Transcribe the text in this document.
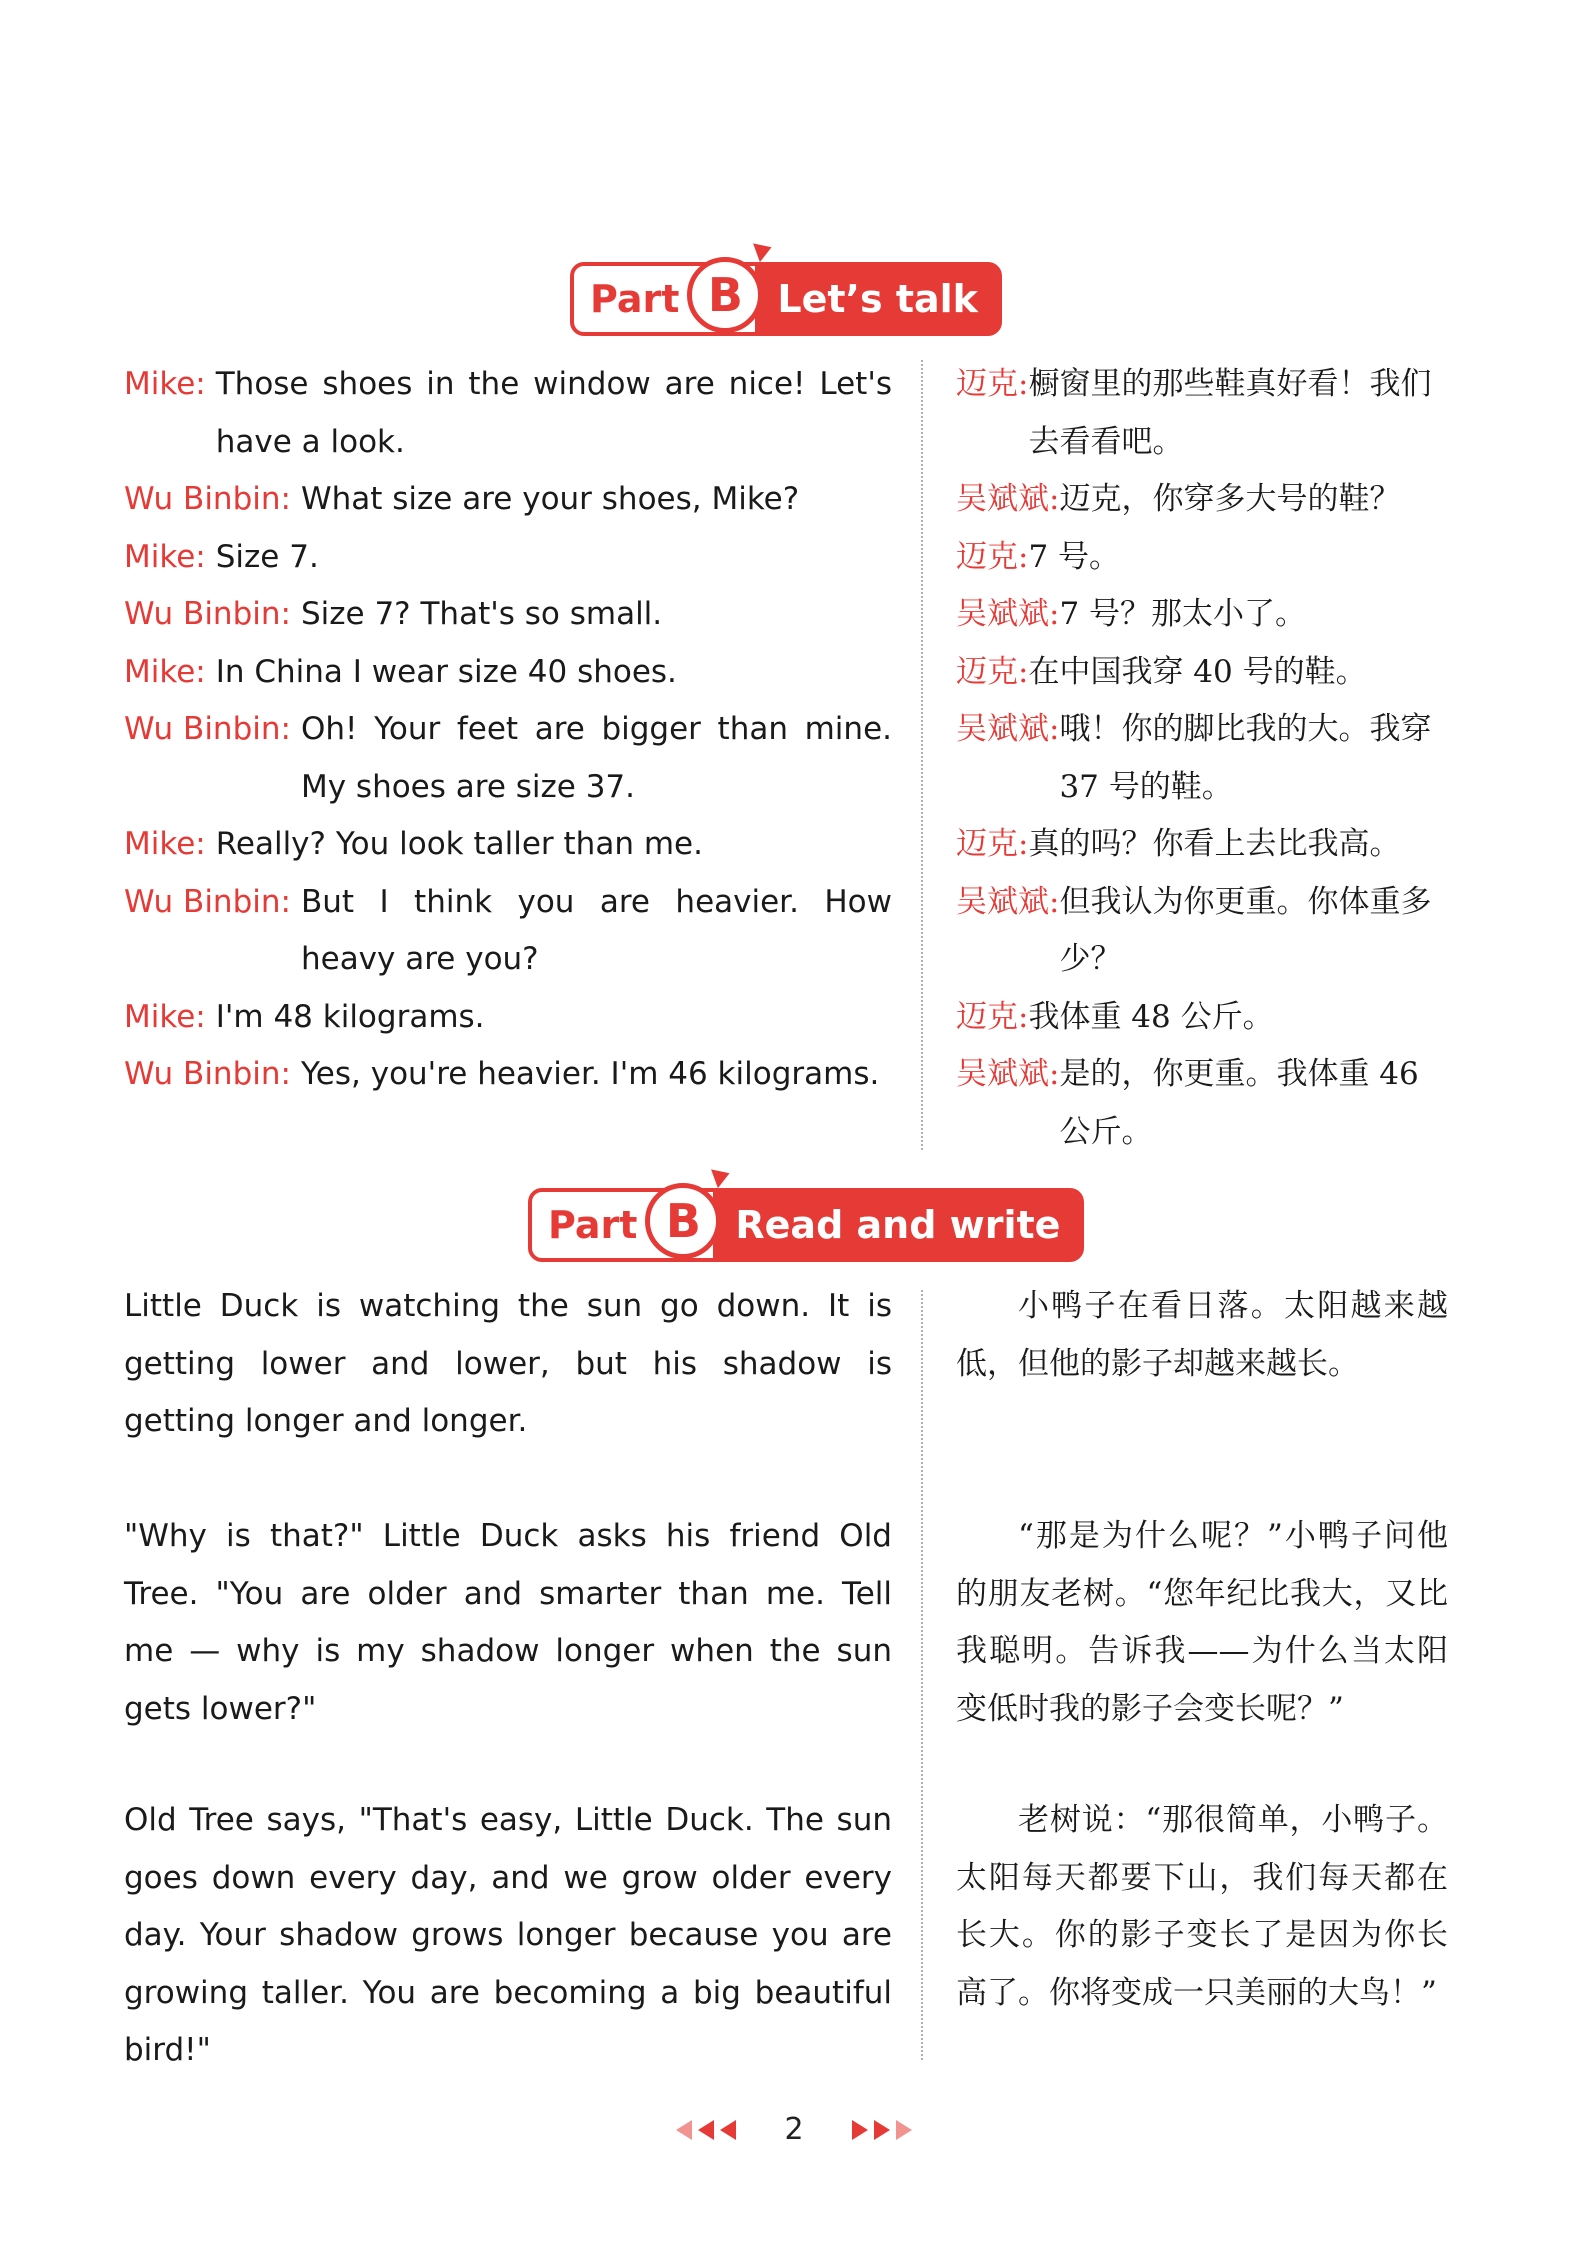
Part B Let’s talk
Mike: Those shoes in the window are nice! Let's have a look.
Wu Binbin: What size are your shoes, Mike?
Mike: Size 7.
Wu Binbin: Size 7? That's so small.
Mike: In China I wear size 40 shoes.
Wu Binbin: Oh! Your feet are bigger than mine. My shoes are size 37.
Mike: Really? You look taller than me.
Wu Binbin: But I think you are heavier. How heavy are you?
Mike: I'm 48 kilograms.
Wu Binbin: Yes, you're heavier. I'm 46 kilograms.
迈克: 橱窗里的那些鞋真好看！我们去看看吧。
吴斌斌: 迈克，你穿多大号的鞋？
迈克: 7 号。
吴斌斌: 7 号？那太小了。
迈克: 在中国我穿 40 号的鞋。
吴斌斌: 哦！你的脚比我的大。我穿 37 号的鞋。
迈克: 真的吗？你看上去比我高。
吴斌斌: 但我认为你更重。你体重多少？
迈克: 我体重 48 公斤。
吴斌斌: 是的，你更重。我体重 46 公斤。
Part B Read and write

Little Duck is watching the sun go down. It is getting lower and lower, but his shadow is getting longer and longer.

"Why is that?" Little Duck asks his friend Old Tree. "You are older and smarter than me. Tell me — why is my shadow longer when the sun gets lower?"

Old Tree says, "That's easy, Little Duck. The sun goes down every day, and we grow older every day. Your shadow grows longer because you are growing taller. You are becoming a big beautiful bird!"

小鸭子在看日落。太阳越来越低，但他的影子却越来越长。

“那是为什么呢？”小鸭子问他的朋友老树。“您年纪比我大，又比我聪明。告诉我——为什么当太阳变低时我的影子会变长呢？”

老树说：“那很简单，小鸭子。太阳每天都要下山，我们每天都在长大。你的影子变长了是因为你长高了。你将变成一只美丽的大鸟！”

2
